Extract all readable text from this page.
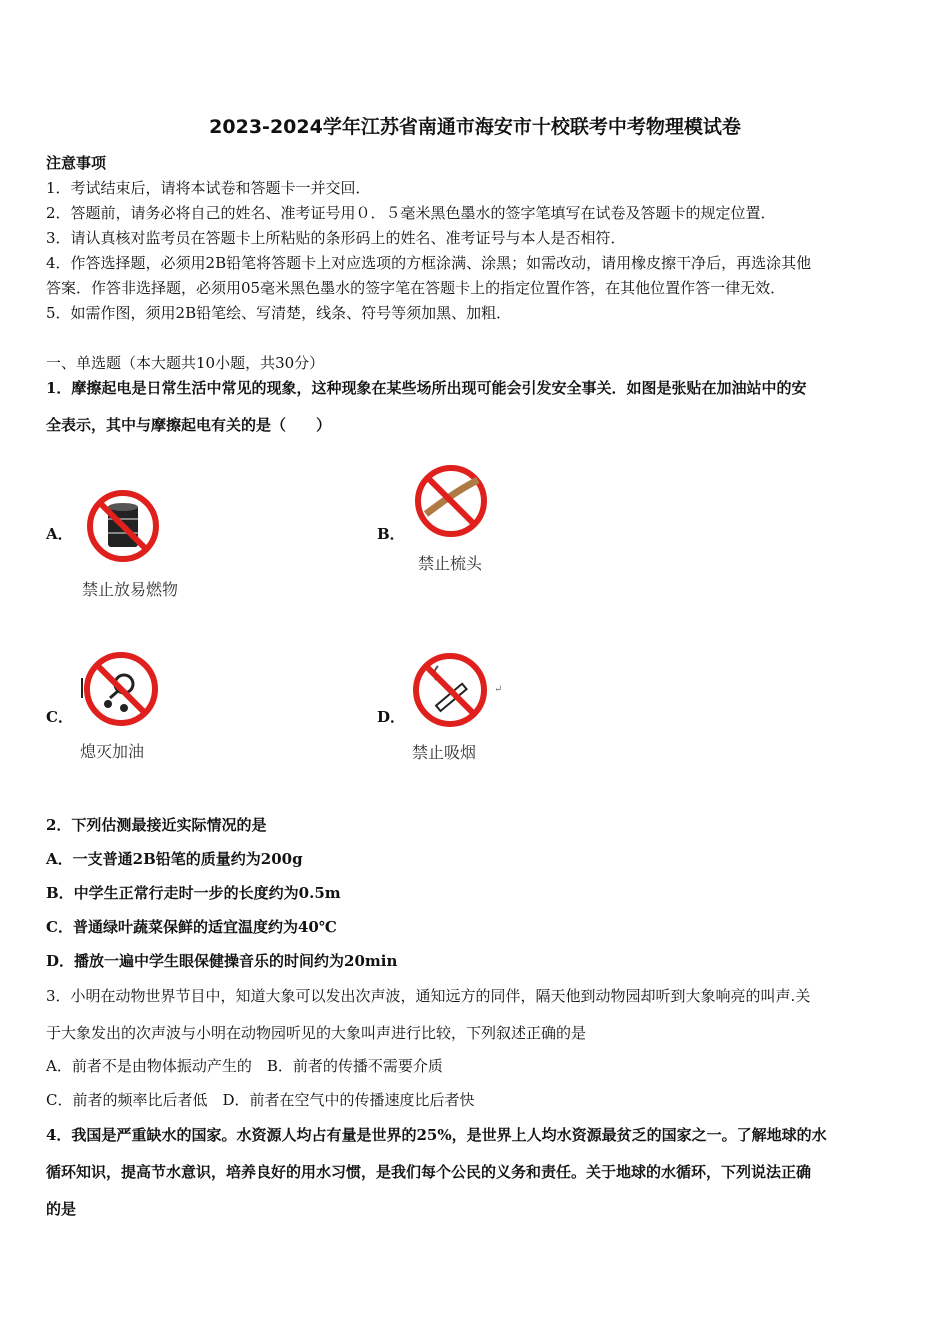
2023-2024学年江苏省南通市海安市十校联考中考物理模试卷
注意事项
1．考试结束后，请将本试卷和答题卡一并交回．
2．答题前，请务必将自己的姓名、准考证号用０．５毫米黑色墨水的签字笔填写在试卷及答题卡的规定位置．
3．请认真核对监考员在答题卡上所粘贴的条形码上的姓名、准考证号与本人是否相符．
4．作答选择题，必须用2B铅笔将答题卡上对应选项的方框涂满、涂黑；如需改动，请用橡皮擦干净后，再选涂其他
答案．作答非选择题，必须用05毫米黑色墨水的签字笔在答题卡上的指定位置作答，在其他位置作答一律无效．
5．如需作图，须用2B铅笔绘、写清楚，线条、符号等须加黑、加粗．
一、单选题（本大题共10小题，共30分）
1．摩擦起电是日常生活中常见的现象，这种现象在某些场所出现可能会引发安全事关．如图是张贴在加油站中的安
全表示，其中与摩擦起电有关的是（　　）
A．
禁止放易燃物
B．
禁止梳头
C．
熄灭加油
D．
↵
禁止吸烟
2．下列估测最接近实际情况的是
A．一支普通2B铅笔的质量约为200g
B．中学生正常行走时一步的长度约为0.5m
C．普通绿叶蔬菜保鲜的适宜温度约为40℃
D．播放一遍中学生眼保健操音乐的时间约为20min
3．小明在动物世界节目中，知道大象可以发出次声波，通知远方的同伴，隔天他到动物园却听到大象响亮的叫声.关
于大象发出的次声波与小明在动物园听见的大象叫声进行比较，下列叙述正确的是
A．前者不是由物体振动产生的　B．前者的传播不需要介质
C．前者的频率比后者低　D．前者在空气中的传播速度比后者快
4．我国是严重缺水的国家。水资源人均占有量是世界的25%，是世界上人均水资源最贫乏的国家之一。了解地球的水
循环知识，提高节水意识，培养良好的用水习惯，是我们每个公民的义务和责任。关于地球的水循环，下列说法正确
的是
